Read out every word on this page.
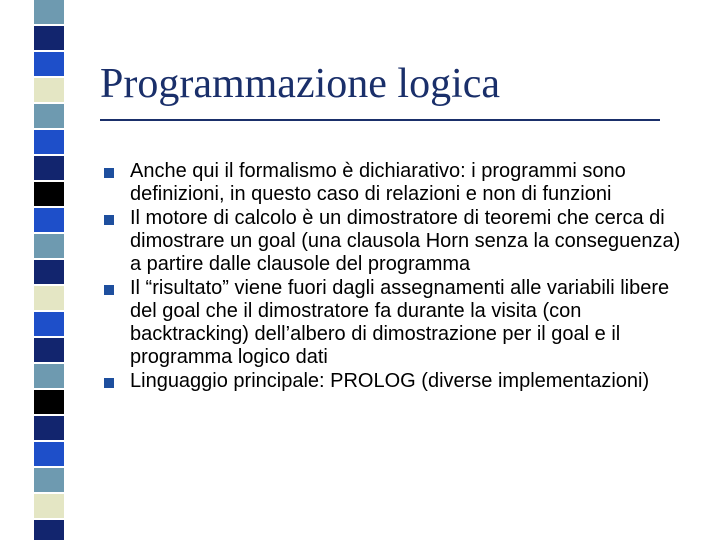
Programmazione logica
Anche qui il formalismo è dichiarativo: i programmi sono definizioni, in questo caso di relazioni e non di funzioni
Il motore di calcolo è un dimostratore di teoremi che cerca di dimostrare un goal (una clausola Horn senza la conseguenza) a partire dalle clausole del programma
Il “risultato” viene fuori dagli assegnamenti alle variabili libere del goal che il dimostratore fa durante la visita (con backtracking) dell’albero di dimostrazione per il goal e il programma logico dati
Linguaggio principale: PROLOG (diverse implementazioni)
